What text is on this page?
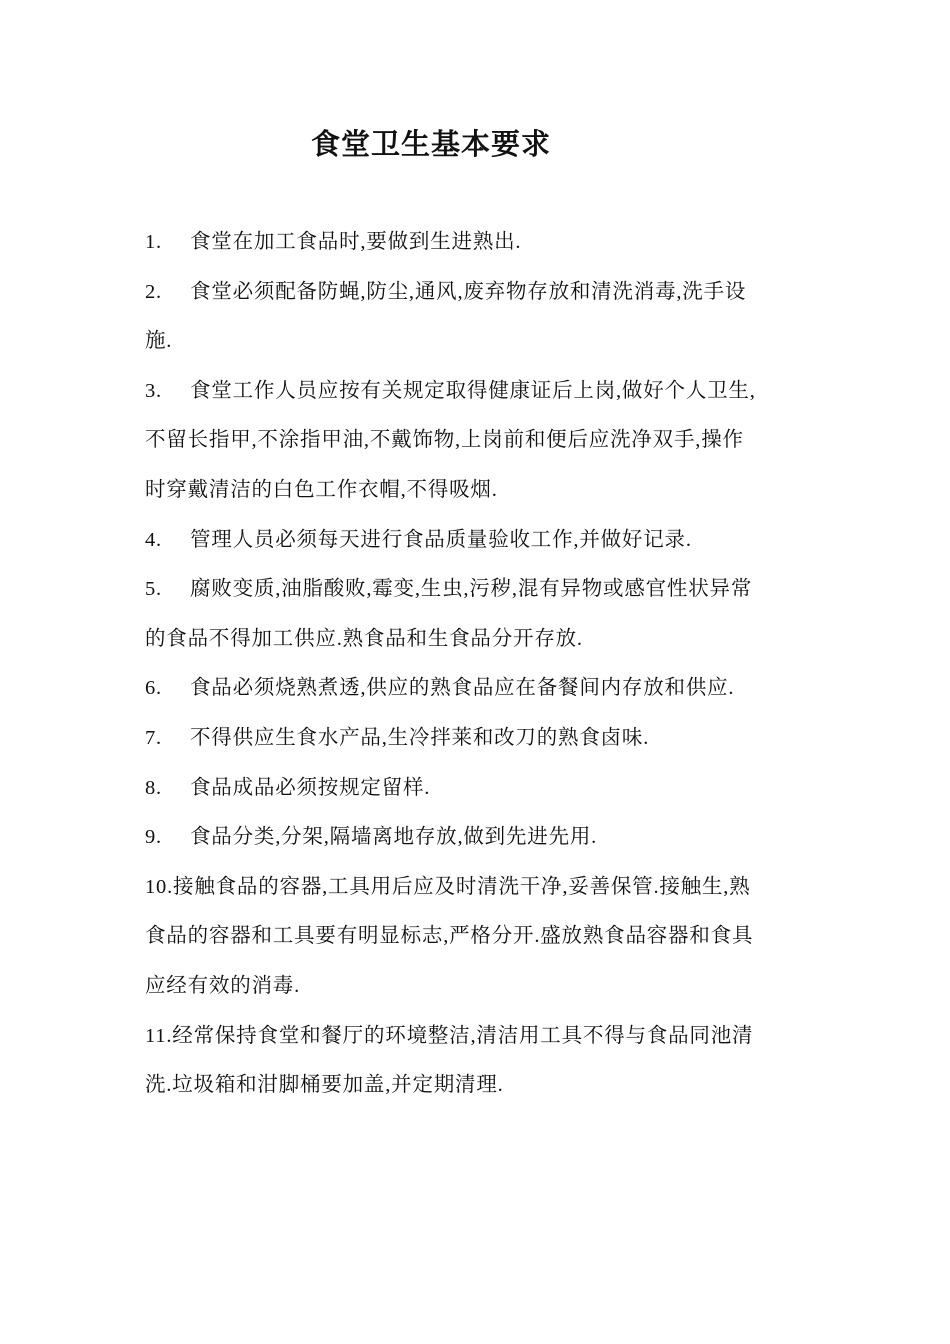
食堂卫生基本要求
1. 食堂在加工食品时,要做到生进熟出.
2. 食堂必须配备防蝇,防尘,通风,废弃物存放和清洗消毒,洗手设
施.
3. 食堂工作人员应按有关规定取得健康证后上岗,做好个人卫生,
不留长指甲,不涂指甲油,不戴饰物,上岗前和便后应洗净双手,操作
时穿戴清洁的白色工作衣帽,不得吸烟.
4. 管理人员必须每天进行食品质量验收工作,并做好记录.
5. 腐败变质,油脂酸败,霉变,生虫,污秽,混有异物或感官性状异常
的食品不得加工供应.熟食品和生食品分开存放.
6. 食品必须烧熟煮透,供应的熟食品应在备餐间内存放和供应.
7. 不得供应生食水产品,生冷拌莱和改刀的熟食卤味.
8. 食品成品必须按规定留样.
9. 食品分类,分架,隔墙离地存放,做到先进先用.
10.接触食品的容器,工具用后应及时清洗干净,妥善保管.接触生,熟
食品的容器和工具要有明显标志,严格分开.盛放熟食品容器和食具
应经有效的消毒.
11.经常保持食堂和餐厅的环境整洁,清洁用工具不得与食品同池清
洗.垃圾箱和泔脚桶要加盖,并定期清理.
